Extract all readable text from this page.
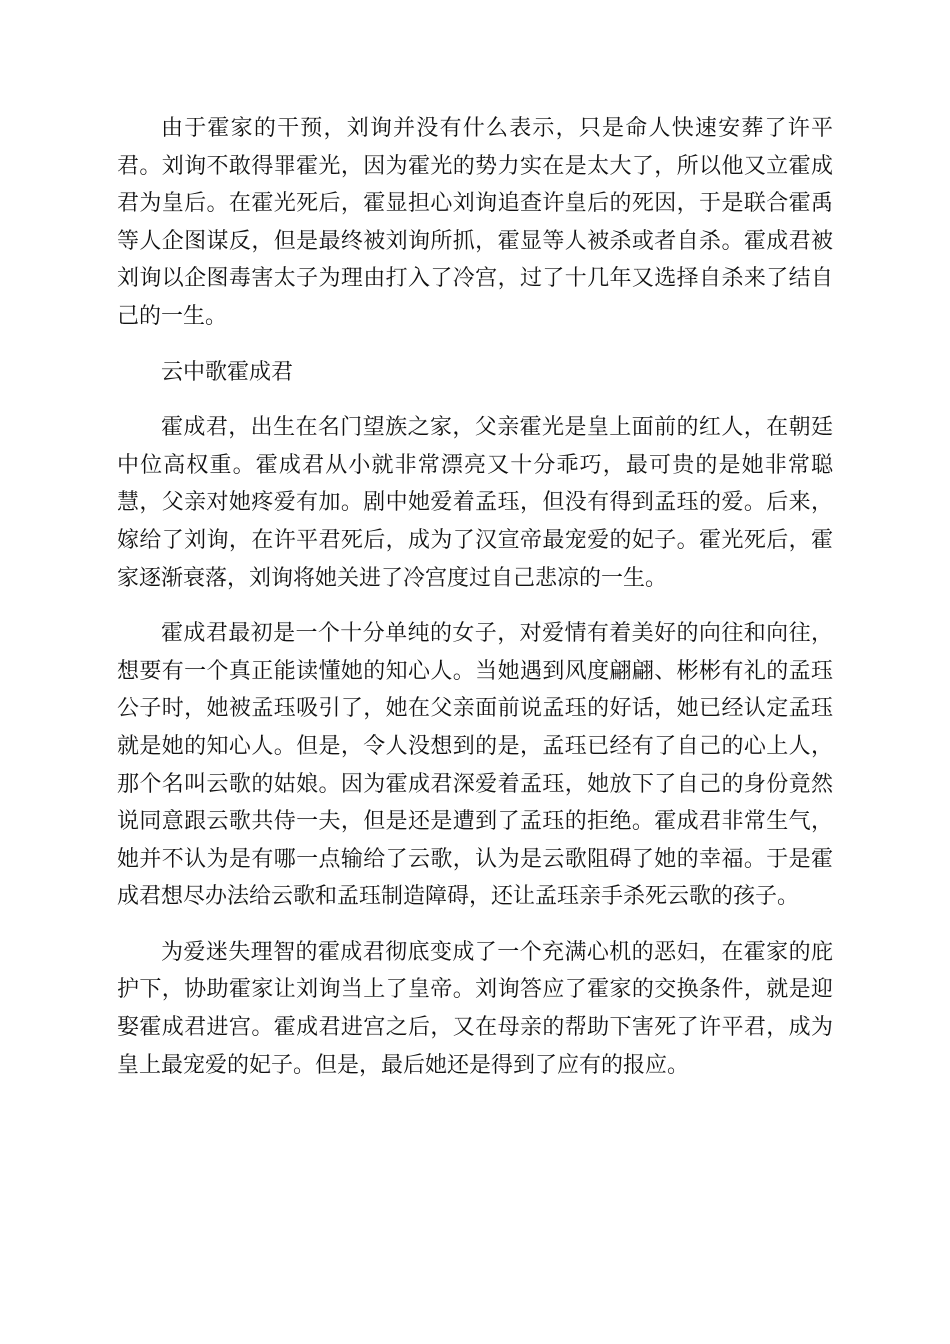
由于霍家的干预，刘询并没有什么表示，只是命人快速安葬了许平君。刘询不敢得罪霍光，因为霍光的势力实在是太大了，所以他又立霍成君为皇后。在霍光死后，霍显担心刘询追查许皇后的死因，于是联合霍禹等人企图谋反，但是最终被刘询所抓，霍显等人被杀或者自杀。霍成君被刘询以企图毒害太子为理由打入了冷宫，过了十几年又选择自杀来了结自己的一生。

云中歌霍成君

霍成君，出生在名门望族之家，父亲霍光是皇上面前的红人，在朝廷中位高权重。霍成君从小就非常漂亮又十分乖巧，最可贵的是她非常聪慧，父亲对她疼爱有加。剧中她爱着孟珏，但没有得到孟珏的爱。后来，嫁给了刘询，在许平君死后，成为了汉宣帝最宠爱的妃子。霍光死后，霍家逐渐衰落，刘询将她关进了冷宫度过自己悲凉的一生。

霍成君最初是一个十分单纯的女子，对爱情有着美好的向往和向往，想要有一个真正能读懂她的知心人。当她遇到风度翩翩、彬彬有礼的孟珏公子时，她被孟珏吸引了，她在父亲面前说孟珏的好话，她已经认定孟珏就是她的知心人。但是，令人没想到的是，孟珏已经有了自己的心上人，那个名叫云歌的姑娘。因为霍成君深爱着孟珏，她放下了自己的身份竟然说同意跟云歌共侍一夫，但是还是遭到了孟珏的拒绝。霍成君非常生气，她并不认为是有哪一点输给了云歌，认为是云歌阻碍了她的幸福。于是霍成君想尽办法给云歌和孟珏制造障碍，还让孟珏亲手杀死云歌的孩子。

为爱迷失理智的霍成君彻底变成了一个充满心机的恶妇，在霍家的庇护下，协助霍家让刘询当上了皇帝。刘询答应了霍家的交换条件，就是迎娶霍成君进宫。霍成君进宫之后，又在母亲的帮助下害死了许平君，成为皇上最宠爱的妃子。但是，最后她还是得到了应有的报应。
